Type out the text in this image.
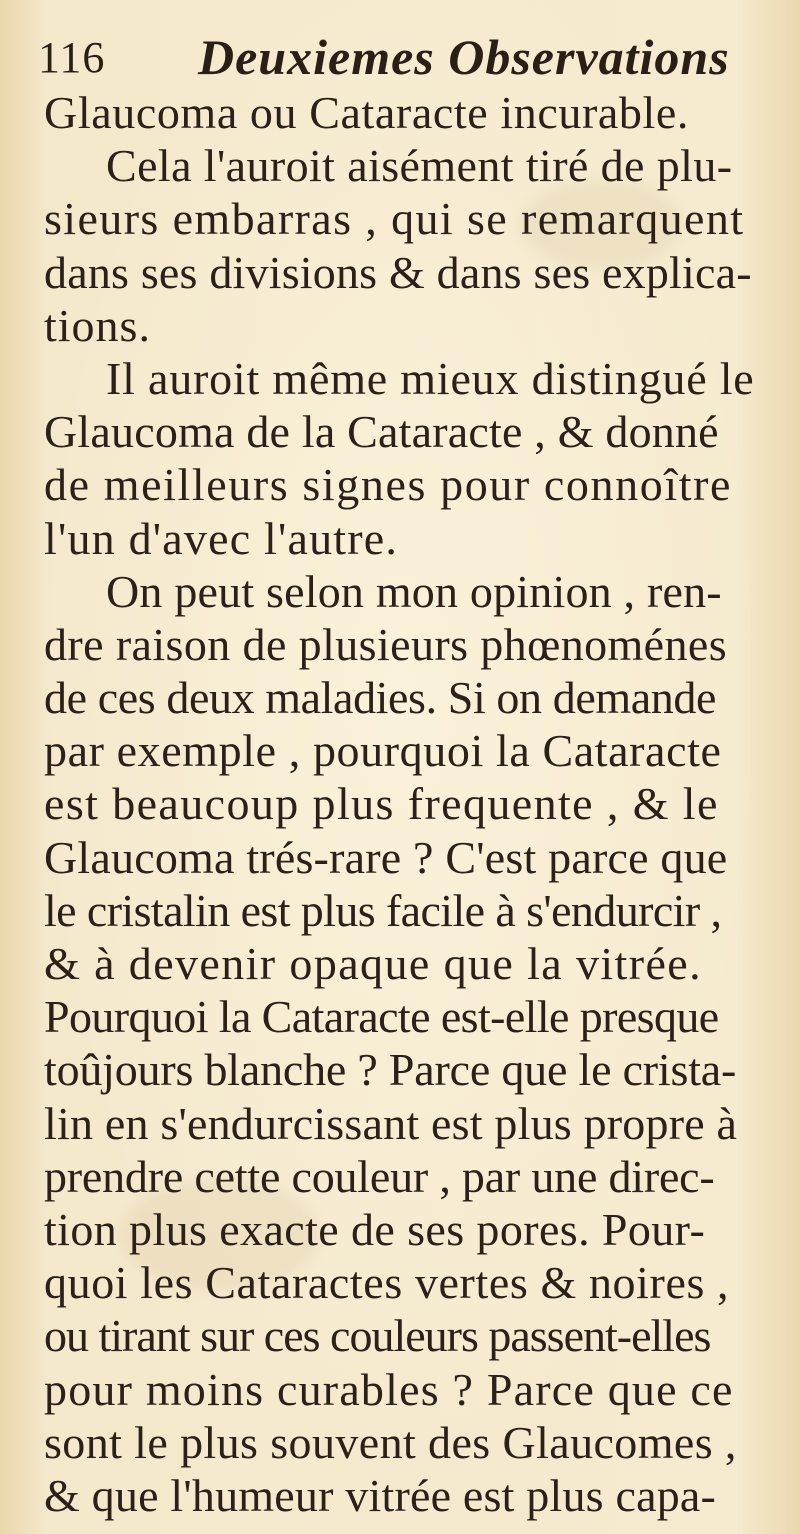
116 Deuxiemes Observations
Glaucoma ou Cataracte incurable.
Cela l'auroit aisément tiré de plu-
sieurs embarras , qui se remarquent
dans ses divisions & dans ses explica-
tions.
Il auroit même mieux distingué le
Glaucoma de la Cataracte , & donné
de meilleurs signes pour connoître
l'un d'avec l'autre.
On peut selon mon opinion , ren-
dre raison de plusieurs phœnoménes
de ces deux maladies. Si on demande
par exemple , pourquoi la Cataracte
est beaucoup plus frequente , & le
Glaucoma trés-rare ? C'est parce que
le cristalin est plus facile à s'endurcir ,
& à devenir opaque que la vitrée.
Pourquoi la Cataracte est-elle presque
toûjours blanche ? Parce que le crista-
lin en s'endurcissant est plus propre à
prendre cette couleur , par une direc-
tion plus exacte de ses pores. Pour-
quoi les Cataractes vertes & noires ,
ou tirant sur ces couleurs passent-elles
pour moins curables ? Parce que ce
sont le plus souvent des Glaucomes ,
& que l'humeur vitrée est plus capa-
